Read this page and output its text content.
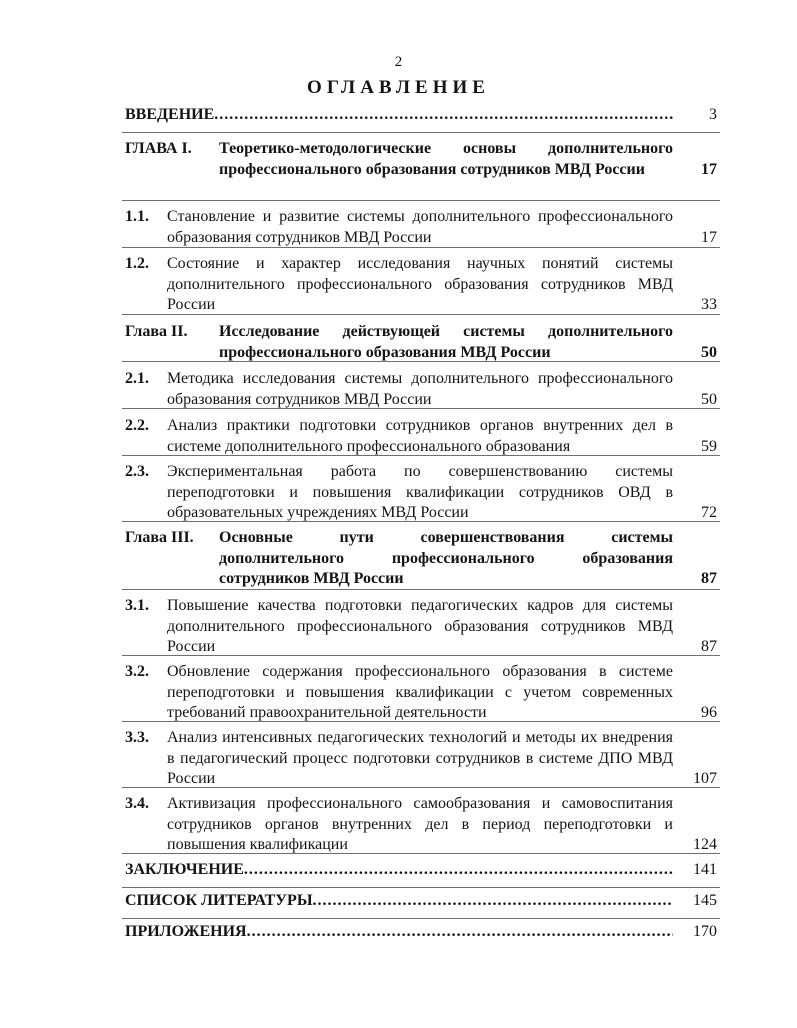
2
ОГЛАВЛЕНИЕ
ВВЕДЕНИЕ .....	3
ГЛАВА I. Теоретико-методологические основы дополнительного профессионального образования сотрудников МВД России	17
1.1. Становление и развитие системы дополнительного профессионального образования сотрудников МВД России	17
1.2. Состояние и характер исследования научных понятий системы дополнительного профессионального образования сотрудников МВД России	33
Глава II. Исследование действующей системы дополнительного профессионального образования МВД России	50
2.1. Методика исследования системы дополнительного профессионального образования сотрудников МВД России	50
2.2. Анализ практики подготовки сотрудников органов внутренних дел в системе дополнительного профессионального образования	59
2.3. Экспериментальная работа по совершенствованию системы переподготовки и повышения квалификации сотрудников ОВД в образовательных учреждениях МВД России	72
Глава III. Основные пути совершенствования системы дополнительного профессионального образования сотрудников МВД России	87
3.1. Повышение качества подготовки педагогических кадров для системы дополнительного профессионального образования сотрудников МВД России	87
3.2. Обновление содержания профессионального образования в системе переподготовки и повышения квалификации с учетом современных требований правоохранительной деятельности	96
3.3. Анализ интенсивных педагогических технологий и методы их внедрения в педагогический процесс подготовки сотрудников в системе ДПО МВД России	107
3.4. Активизация профессионального самообразования и самовоспитания сотрудников органов внутренних дел в период переподготовки и повышения квалификации	124
ЗАКЛЮЧЕНИЕ .....	141
СПИСОК ЛИТЕРАТУРЫ .....	145
ПРИЛОЖЕНИЯ .....	170
